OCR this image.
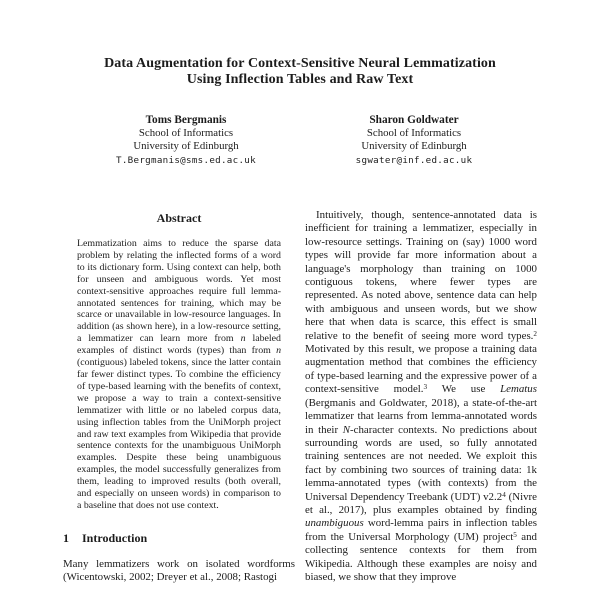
Data Augmentation for Context-Sensitive Neural Lemmatization
Using Inflection Tables and Raw Text
Toms Bergmanis
School of Informatics
University of Edinburgh
T.Bergmanis@sms.ed.ac.uk
Sharon Goldwater
School of Informatics
University of Edinburgh
sgwater@inf.ed.ac.uk
Abstract

Lemmatization aims to reduce the sparse data problem by relating the inflected forms of a word to its dictionary form. Using context can help, both for unseen and ambiguous words. Yet most context-sensitive approaches require full lemma-annotated sentences for training, which may be scarce or unavailable in low-resource languages. In addition (as shown here), in a low-resource setting, a lemmatizer can learn more from n labeled examples of distinct words (types) than from n (contiguous) labeled tokens, since the latter contain far fewer distinct types. To combine the efficiency of type-based learning with the benefits of context, we propose a way to train a context-sensitive lemmatizer with little or no labeled corpus data, using inflection tables from the UniMorph project and raw text examples from Wikipedia that provide sentence contexts for the unambiguous UniMorph examples. Despite these being unambiguous examples, the model successfully generalizes from them, leading to improved results (both overall, and especially on unseen words) in comparison to a baseline that does not use context.

1 Introduction

Many lemmatizers work on isolated wordforms (Wicentowski, 2002; Dreyer et al., 2008; Rastogi

Intuitively, though, sentence-annotated data is inefficient for training a lemmatizer, especially in low-resource settings. Training on (say) 1000 word types will provide far more information about a language's morphology than training on 1000 contiguous tokens, where fewer types are represented. As noted above, sentence data can help with ambiguous and unseen words, but we show here that when data is scarce, this effect is small relative to the benefit of seeing more word types.$^2$ Motivated by this result, we propose a training data augmentation method that combines the efficiency of type-based learning and the expressive power of a context-sensitive model.$^3$ We use Lematus (Bergmanis and Goldwater, 2018), a state-of-the-art lemmatizer that learns from lemma-annotated words in their N-character contexts. No predictions about surrounding words are used, so fully annotated training sentences are not needed. We exploit this fact by combining two sources of training data: 1k lemma-annotated types (with contexts) from the Universal Dependency Treebank (UDT) $v2.2^4$ (Nivre et al., 2017), plus examples obtained by finding unambiguous word-lemma pairs in inflection tables from the Universal Morphology (UM) project$^5$ and collecting sentence contexts for them from Wikipedia. Although these examples are noisy and biased, we show that they improve
